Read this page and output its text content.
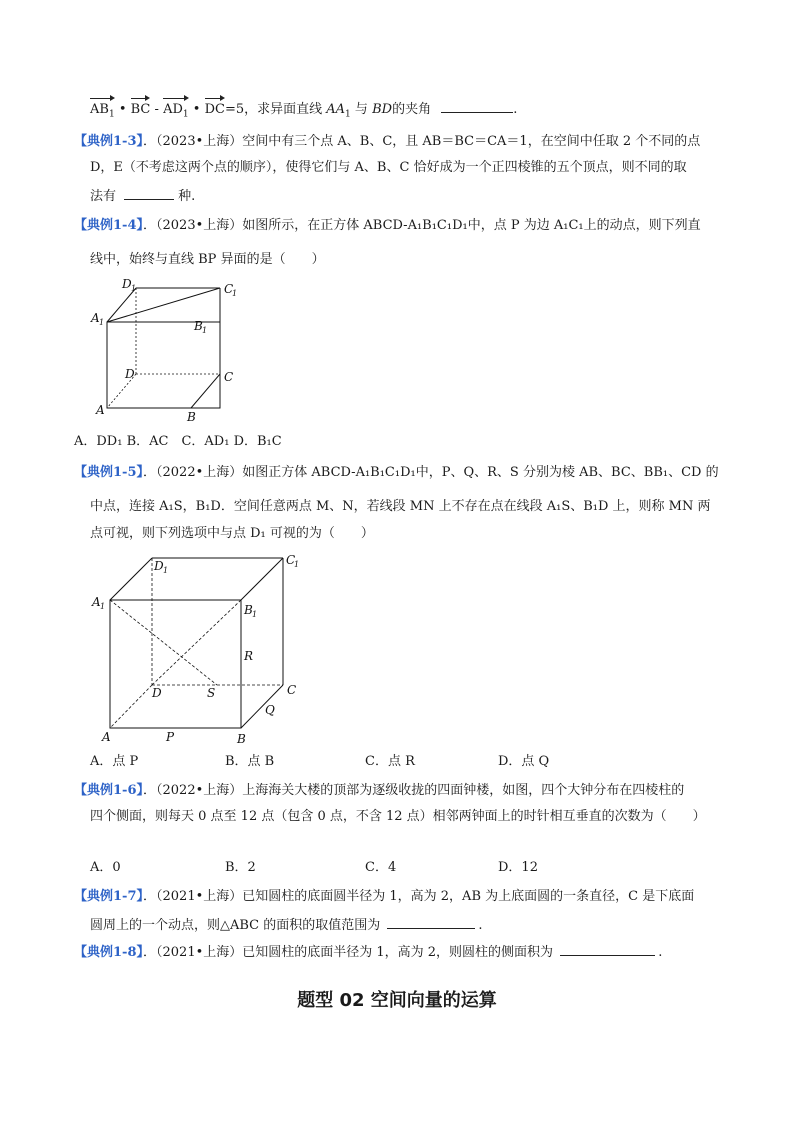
$AB_1$ • BC - $AD_1$ • DC=5，求异面直线 $AA_1$ 与 BD的夹角	.
【典例1-3】．（2023•上海）空间中有三个点 A、B、C，且 AB＝BC＝CA＝1，在空间中任取 2 个不同的点
D，E（不考虑这两个点的顺序），使得它们与 A、B、C 恰好成为一个正四棱锥的五个顶点，则不同的取
法有	种.
【典例1-4】．（2023•上海）如图所示，在正方体 ABCD-A₁B₁C₁D₁中，点 P 为边 A₁C₁上的动点，则下列直
线中，始终与直线 BP 异面的是（　　）
D 1	C
1
A 1	B 1
D	C
A	B
A．DD₁ B．AC　C．AD₁ D．B₁C
【典例1-5】．（2022•上海）如图正方体 ABCD-A₁B₁C₁D₁中，P、Q、R、S 分别为棱 AB、BC、BB₁、CD 的
中点，连接 A₁S，B₁D．空间任意两点 M、N，若线段 MN 上不存在点在线段 A₁S、B₁D 上，则称 MN 两
点可视，则下列选项中与点 D₁ 可视的为（　　）
D 1
C
1
A 1	B 1
R
D	S	C
Q
A	P	B
A．点 P	B．点 B	C．点 R	D．点 Q
【典例1-6】．（2022•上海）上海海关大楼的顶部为逐级收拢的四面钟楼，如图，四个大钟分布在四棱柱的
四个侧面，则每天 0 点至 12 点（包含 0 点，不含 12 点）相邻两钟面上的时针相互垂直的次数为（　　）
A．0	B．2	C．4	D．12
【典例1-7】．（2021•上海）已知圆柱的底面圆半径为 1，高为 2，AB 为上底面圆的一条直径，C 是下底面
圆周上的一个动点，则△ABC 的面积的取值范围为	.
【典例1-8】．（2021•上海）已知圆柱的底面半径为 1，高为 2，则圆柱的侧面积为	.
题型 02 空间向量的运算
